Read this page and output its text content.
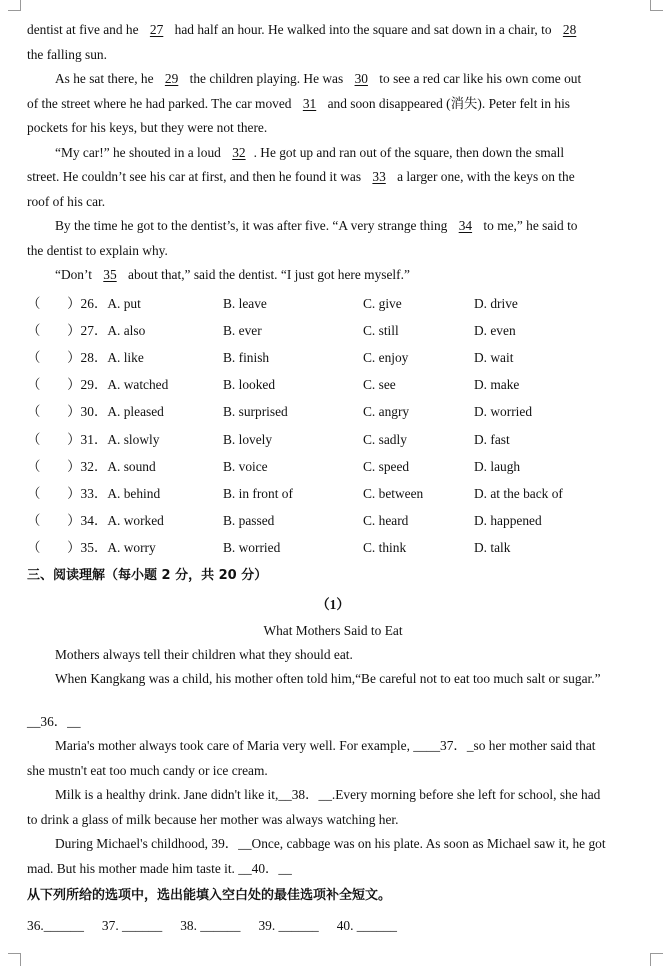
dentist at five and he 27 had half an hour. He walked into the square and sat down in a chair, to 28
the falling sun.
As he sat there, he 29 the children playing. He was 30 to see a red car like his own come out
of the street where he had parked. The car moved 31 and soon disappeared (消失). Peter felt in his
pockets for his keys, but they were not there.
“My car!” he shouted in a loud 32 . He got up and ran out of the square, then down the small
street. He couldn’t see his car at first, and then he found it was 33 a larger one, with the keys on the
roof of his car.
By the time he got to the dentist’s, it was after five. “A very strange thing 34 to me,” he said to
the dentist to explain why.
“Don’t 35 about that,” said the dentist. “I just got here myself.”
（　　）26．A. put	B. leave	C. give	D. drive
（　　）27．A. also	B. ever	C. still	D. even
（　　）28．A. like	B. finish	C. enjoy	D. wait
（　　）29．A. watched	B. looked	C. see	D. make
（　　）30．A. pleased	B. surprised	C. angry	D. worried
（　　）31．A. slowly	B. lovely	C. sadly	D. fast
（　　）32．A. sound	B. voice	C. speed	D. laugh
（　　）33．A. behind	B. in front of	C. between	D. at the back of
（　　）34．A. worked	B. passed	C. heard	D. happened
（　　）35．A. worry	B. worried	C. think	D. talk
三、阅读理解（每小题 2 分，共 20 分）
（1）
What Mothers Said to Eat
Mothers always tell their children what they should eat.
When Kangkang was a child, his mother often told him,“Be careful not to eat too much salt or sugar.”
__36．__
Maria's mother always took care of Maria very well. For example, ____37．_so her mother said that
she mustn't eat too much candy or ice cream.
Milk is a healthy drink. Jane didn't like it,__38．__.Every morning before she left for school, she had
to drink a glass of milk because her mother was always watching her.
During Michael's childhood, 39．__Once, cabbage was on his plate. As soon as Michael saw it, he got
mad. But his mother made him taste it. __40．__
从下列所给的选项中，选出能填入空白处的最佳选项补全短文。
36.______ 37. ______ 38. ______ 39. ______ 40. ______
